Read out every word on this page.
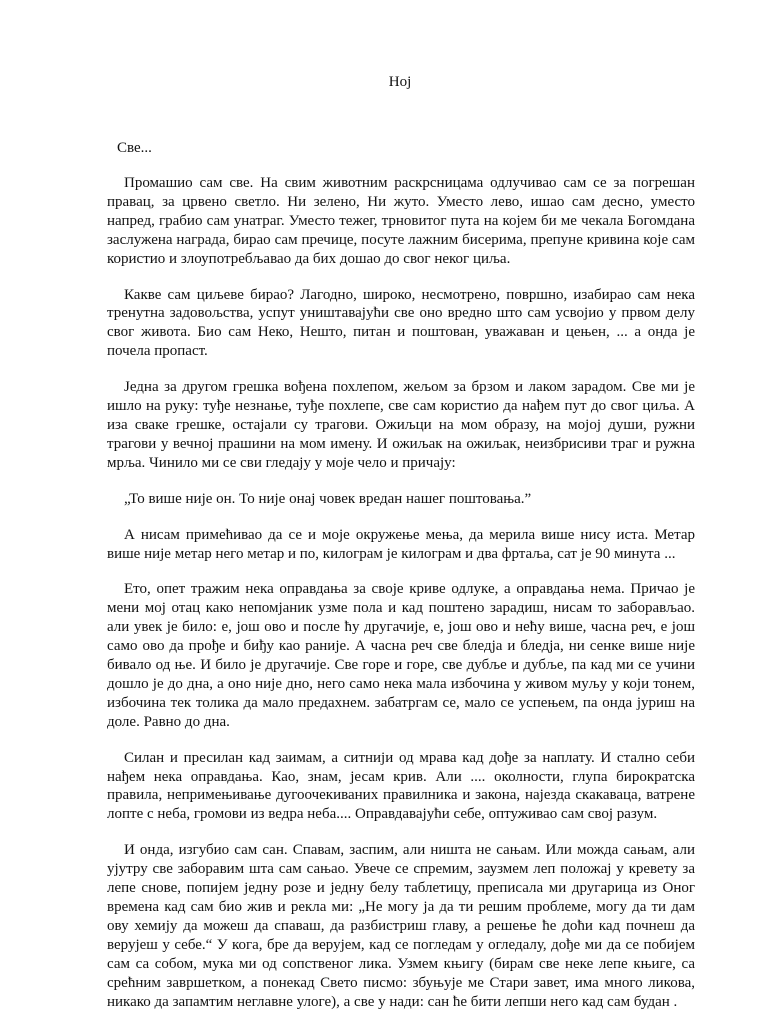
Ној
Све...

Промашио сам све. На свим животним раскрсницама одлучивао сам се за погрешан правац, за црвено светло. Ни зелено, Ни жуто. Уместо лево, ишао сам десно, уместо напред, грабио сам унатраг. Уместо тежег, трновитог пута на којем би ме чекала Богомдана заслужена награда, бирао сам пречице, посуте лажним бисерима, препуне кривина које сам користио и злоупотребљавао да бих дошао до свог неког циља.

Какве сам циљеве бирао? Лагодно, широко, несмотрено, површно, изабирао сам нека тренутна задовољства, успут уништавајући све оно вредно што сам усвојио у првом делу свог живота. Био сам Неко, Нешто, питан и поштован, уважаван и цењен, ... а онда је почела пропаст.

Једна за другом грешка вођена похлепом, жељом за брзом и лаком зарадом. Све ми је ишло на руку: туђе незнање, туђе похлепе, све сам користио да нађем пут до свог циља. А иза сваке грешке, остајали су трагови. Ожиљци на мом образу, на мојој души, ружни трагови у вечној прашини на мом имену. И ожиљак на ожиљак, неизбрисиви траг и ружна мрља. Чинило ми се сви гледају у моје чело и причају:

„То више није он. То није онај човек вредан нашег поштовања.”

А нисам примећивао да се и моје окружење мења, да мерила више нису иста. Метар више није метар него метар и по, килограм је килограм и два фртаља, сат је 90 минута ...

Ето, опет тражим нека оправдања за своје криве одлуке, а оправдања нема. Причао је мени мој отац како непомјаник узме пола и кад поштено зарадиш, нисам то заборављао. али увек је било: е, још ово и после ћу другачије, е, још ово и нећу више, часна реч, е још само ово да прође и биђу као раније. А часна реч све бледја и бледја, ни сенке више није бивало од ње. И било је другачије. Све горе и горе, све дубље и дубље, па кад ми се учини дошло је до дна, а оно није дно, него само нека мала избочина у живом муљу у који тонем, избочина тек толика да мало предахнем. забатргам се, мало се успењем, па онда јуриш на доле. Равно до дна.

Силан и пресилан кад заимам, а ситнији од мрава кад дође за наплату. И стално себи нађем нека оправдања. Као, знам, јесам крив. Али .... околности, глупа бирократска правила, непримењивање дугоочекиваних правилника и закона, најезда скакаваца, ватрене лопте с неба, громови из ведра неба.... Оправдавајући себе, оптуживао сам свој разум.

И онда, изгубио сам сан. Спавам, заспим, али ништа не сањам. Или можда сањам, али ујутру све заборавим шта сам сањао. Увече се спремим, заузмем леп положај у кревету за лепе снове, попијем једну розе и једну белу таблетицу, преписала ми другарица из Оног времена кад сам био жив и рекла ми: „Не могу ја да ти решим проблеме, могу да ти дам ову хемију да можеш да спаваш, да разбистриш главу, а решење ће доћи кад почнеш да верујеш у себе.“ У кога, бре да верујем, кад се погледам у огледалу, дође ми да се побијем сам са собом, мука ми од сопственог лика. Узмем књигу (бирам све неке лепе књиге, са срећним завршетком, а понекад Свето писмо: збуњује ме Стари завет, има много ликова, никако да запамтим неглавне улоге), а све у нади: сан ће бити лепши него кад сам будан .
